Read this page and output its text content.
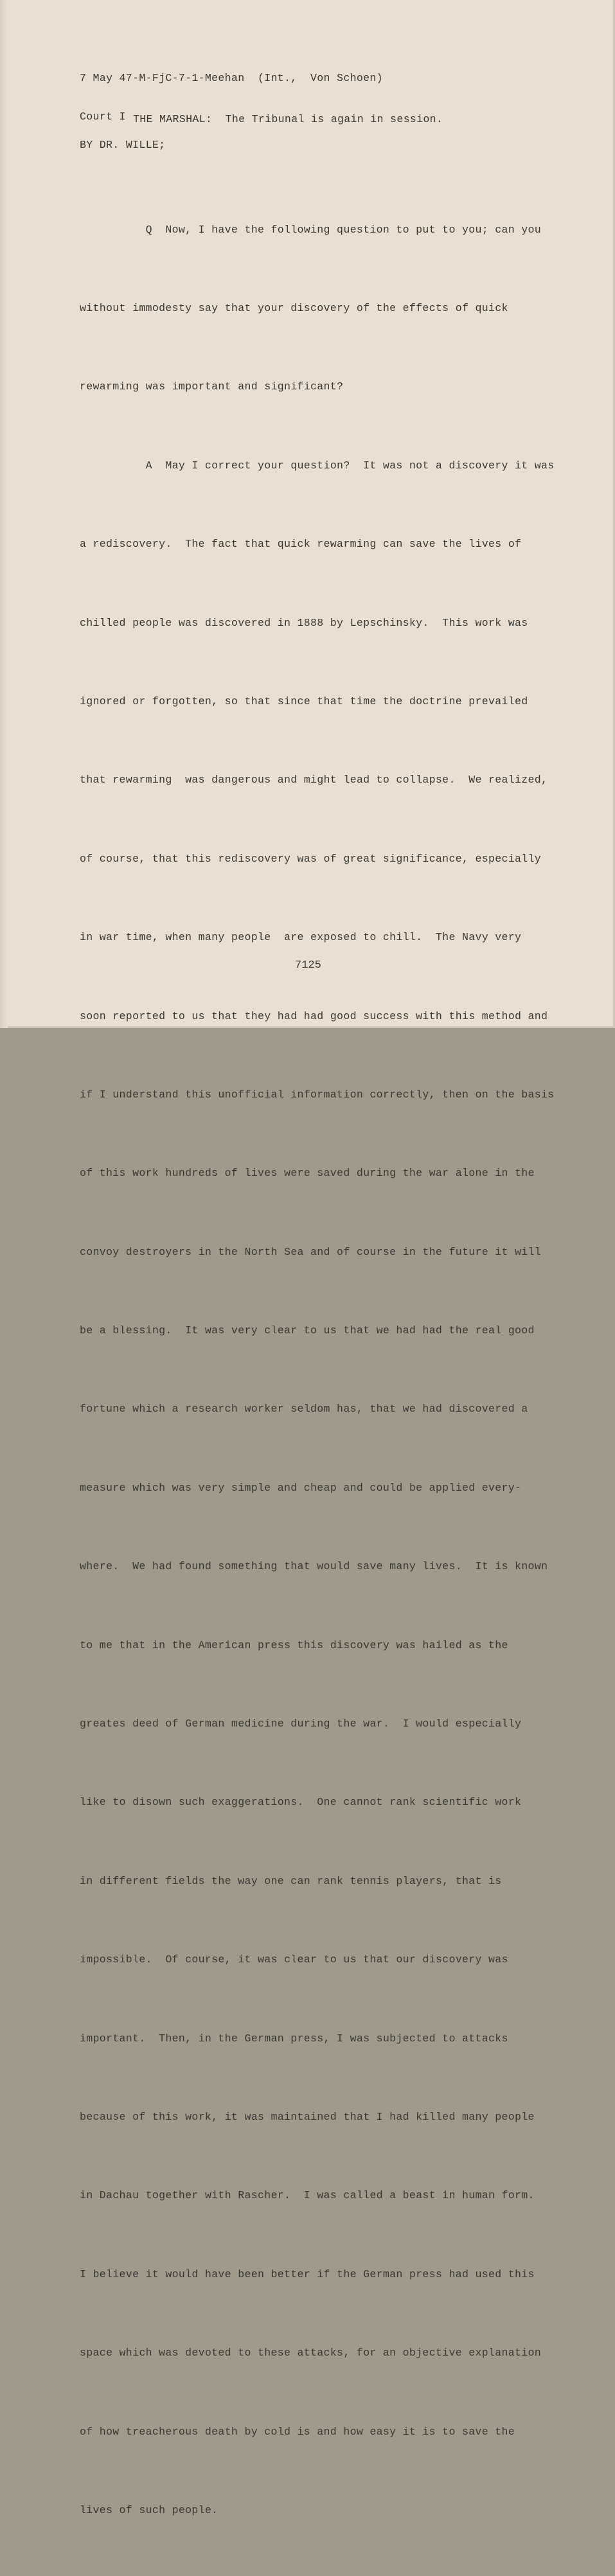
7 May 47-M-FjC-7-1-Meehan  (Int.,  Von Schoen)

Court I

THE MARSHAL:  The Tribunal is again in session.
BY DR. WILLE;

Q  Now, I have the following question to put to you; can you

without immodesty say that your discovery of the effects of quick

rewarming was important and significant?

A  May I correct your question?  It was not a discovery it was

a rediscovery.  The fact that quick rewarming can save the lives of

chilled people was discovered in 1888 by Lepschinsky.  This work was

ignored or forgotten, so that since that time the doctrine prevailed

that rewarming  was dangerous and might lead to collapse.  We realized,

of course, that this rediscovery was of great significance, especially

in war time, when many people  are exposed to chill.  The Navy very

soon reported to us that they had had good success with this method and

if I understand this unofficial information correctly, then on the basis

of this work hundreds of lives were saved during the war alone in the

convoy destroyers in the North Sea and of course in the future it will

be a blessing.  It was very clear to us that we had had the real good

fortune which a research worker seldom has, that we had discovered a

measure which was very simple and cheap and could be applied every-

where.  We had found something that would save many lives.  It is known

to me that in the American press this discovery was hailed as the

greates deed of German medicine during the war.  I would especially

like to disown such exaggerations.  One cannot rank scientific work

in different fields the way one can rank tennis players, that is

impossible.  Of course, it was clear to us that our discovery was

important.  Then, in the German press, I was subjected to attacks

because of this work, it was maintained that I had killed many people

in Dachau together with Rascher.  I was called a beast in human form.

I believe it would have been better if the German press had used this

space which was devoted to these attacks, for an objective explanation

of how treacherous death by cold is and how easy it is to save the

lives of such people.

7125
